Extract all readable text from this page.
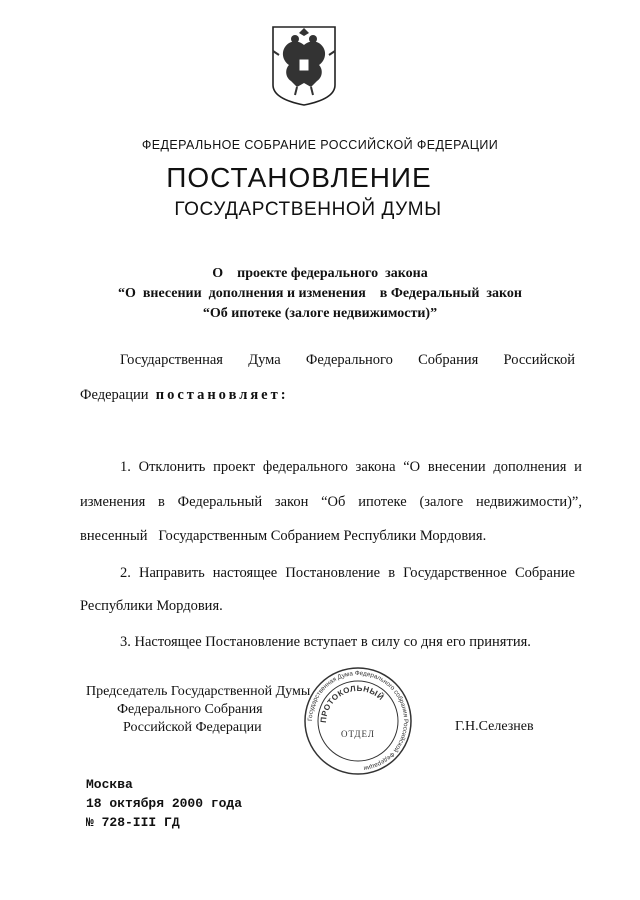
ФЕДЕРАЛЬНОЕ СОБРАНИЕ РОССИЙСКОЙ ФЕДЕРАЦИИ
ПОСТАНОВЛЕНИЕ
ГОСУДАРСТВЕННОЙ ДУМЫ
О    проекте федерального  закона
“О  внесении  дополнения и изменения    в Федеральный  закон
“Об ипотеке (залоге недвижимости)”
Государственная Дума Федерального Собрания Российской
Федерации постановляет:
1. Отклонить проект федерального закона “О внесении дополнения и
изменения в Федеральный закон “Об ипотеке (залоге недвижимости)”,
внесенный   Государственным Собранием Республики Мордовия.
2. Направить настоящее Постановление в Государственное Собрание
Республики Мордовия.
3. Настоящее Постановление вступает в силу со дня его принятия.
Председатель Государственной Думы
Федерального Собрания
Российской Федерации	Г.Н.Селезнев
Государственная Дума Федерального собрания Российской Федерации
ПРОТОКОЛЬНЫЙ
ОТДЕЛ
Москва
18 октября 2000 года
№ 728-III ГД
